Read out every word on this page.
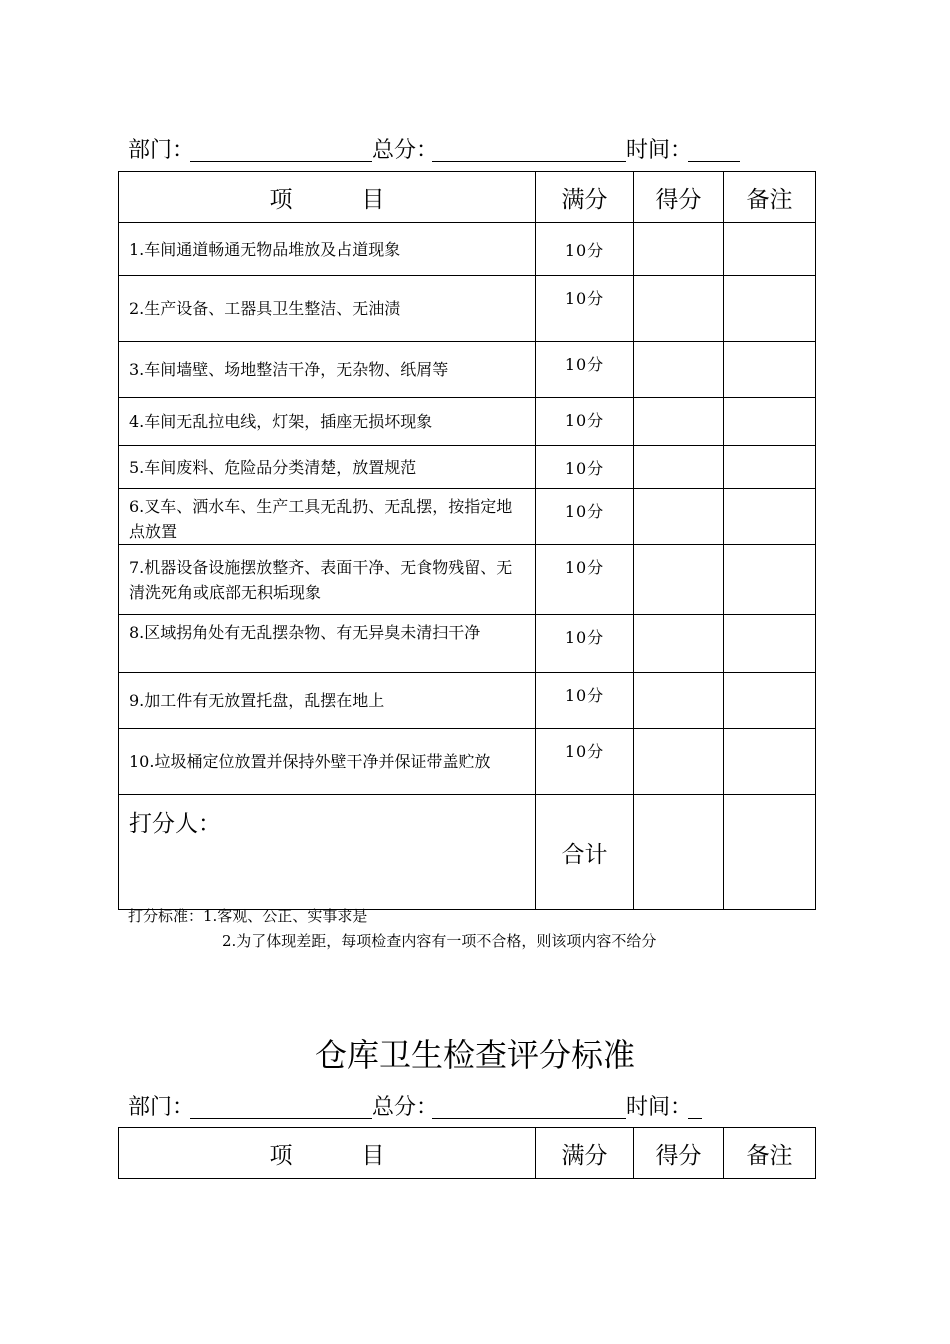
部门：	总分：	时间：
项　　　目	满分	得分	备注
1.车间通道畅通无物品堆放及占道现象	10分		
2.生产设备、工器具卫生整洁、无油渍	10分		
3.车间墙壁、场地整洁干净，无杂物、纸屑等	10分		
4.车间无乱拉电线，灯架，插座无损坏现象	10分		
5.车间废料、危险品分类清楚，放置规范	10分		
6.叉车、洒水车、生产工具无乱扔、无乱摆，按指定地点放置	10分		
7.机器设备设施摆放整齐、表面干净、无食物残留、无清洗死角或底部无积垢现象	10分		
8.区域拐角处有无乱摆杂物、有无异臭未清扫干净	10分		
9.加工件有无放置托盘，乱摆在地上	10分		
10.垃圾桶定位放置并保持外壁干净并保证带盖贮放	10分		
打分人：	合计		
打分标准：1.客观、公正、实事求是
2.为了体现差距，每项检查内容有一项不合格，则该项内容不给分
仓库卫生检查评分标准
部门：	总分：	时间：
项　　　目	满分	得分	备注
